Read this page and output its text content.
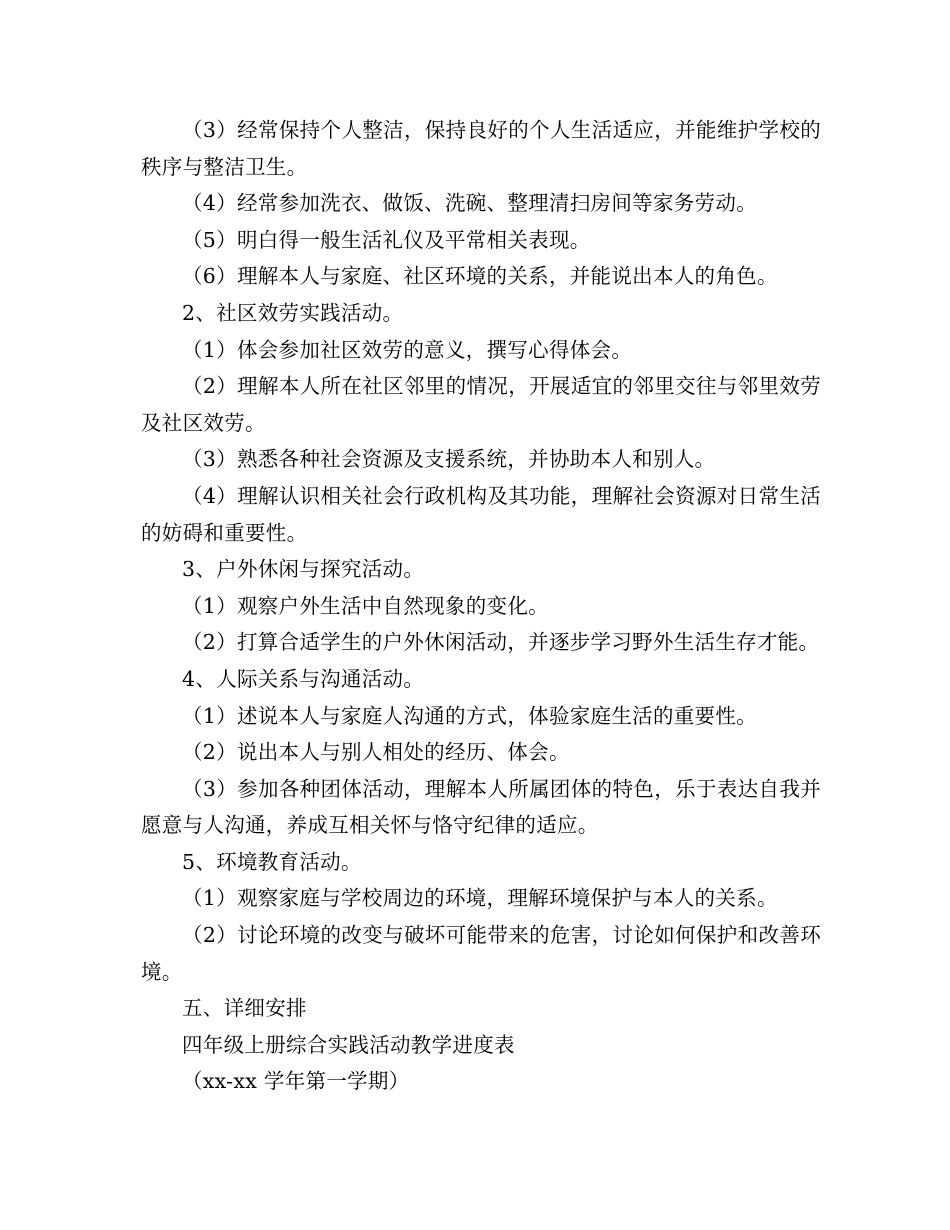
（3）经常保持个人整洁，保持良好的个人生活适应，并能维护学校的秩序与整洁卫生。

（4）经常参加洗衣、做饭、洗碗、整理清扫房间等家务劳动。

（5）明白得一般生活礼仪及平常相关表现。

（6）理解本人与家庭、社区环境的关系，并能说出本人的角色。

2、社区效劳实践活动。

（1）体会参加社区效劳的意义，撰写心得体会。

（2）理解本人所在社区邻里的情况，开展适宜的邻里交往与邻里效劳及社区效劳。

（3）熟悉各种社会资源及支援系统，并协助本人和别人。

（4）理解认识相关社会行政机构及其功能，理解社会资源对日常生活的妨碍和重要性。

3、户外休闲与探究活动。

（1）观察户外生活中自然现象的变化。

（2）打算合适学生的户外休闲活动，并逐步学习野外生活生存才能。

4、人际关系与沟通活动。

（1）述说本人与家庭人沟通的方式，体验家庭生活的重要性。

（2）说出本人与别人相处的经历、体会。

（3）参加各种团体活动，理解本人所属团体的特色，乐于表达自我并愿意与人沟通，养成互相关怀与恪守纪律的适应。

5、环境教育活动。

（1）观察家庭与学校周边的环境，理解环境保护与本人的关系。

（2）讨论环境的改变与破坏可能带来的危害，讨论如何保护和改善环境。

五、详细安排

四年级上册综合实践活动教学进度表

（xx-xx 学年第一学期）
